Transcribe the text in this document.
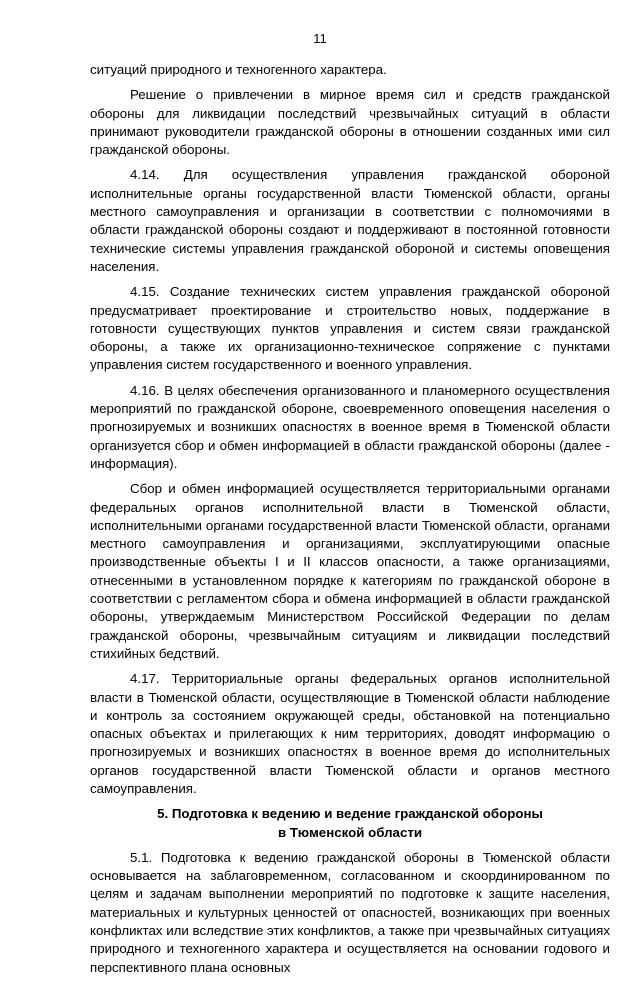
11

ситуаций природного и техногенного характера.

Решение о привлечении в мирное время сил и средств гражданской обороны для ликвидации последствий чрезвычайных ситуаций в области принимают руководители гражданской обороны в отношении созданных ими сил гражданской обороны.

4.14. Для осуществления управления гражданской обороной исполнительные органы государственной власти Тюменской области, органы местного самоуправления и организации в соответствии с полномочиями в области гражданской обороны создают и поддерживают в постоянной готовности технические системы управления гражданской обороной и системы оповещения населения.

4.15. Создание технических систем управления гражданской обороной предусматривает проектирование и строительство новых, поддержание в готовности существующих пунктов управления и систем связи гражданской обороны, а также их организационно-техническое сопряжение с пунктами управления систем государственного и военного управления.

4.16. В целях обеспечения организованного и планомерного осуществления мероприятий по гражданской обороне, своевременного оповещения населения о прогнозируемых и возникших опасностях в военное время в Тюменской области организуется сбор и обмен информацией в области гражданской обороны (далее - информация).

Сбор и обмен информацией осуществляется территориальными органами федеральных органов исполнительной власти в Тюменской области, исполнительными органами государственной власти Тюменской области, органами местного самоуправления и организациями, эксплуатирующими опасные производственные объекты I и II классов опасности, а также организациями, отнесенными в установленном порядке к категориям по гражданской обороне в соответствии с регламентом сбора и обмена информацией в области гражданской обороны, утверждаемым Министерством Российской Федерации по делам гражданской обороны, чрезвычайным ситуациям и ликвидации последствий стихийных бедствий.

4.17. Территориальные органы федеральных органов исполнительной власти в Тюменской области, осуществляющие в Тюменской области наблюдение и контроль за состоянием окружающей среды, обстановкой на потенциально опасных объектах и прилегающих к ним территориях, доводят информацию о прогнозируемых и возникших опасностях в военное время до исполнительных органов государственной власти Тюменской области и органов местного самоуправления.

5. Подготовка к ведению и ведение гражданской обороны
в Тюменской области

5.1. Подготовка к ведению гражданской обороны в Тюменской области основывается на заблаговременном, согласованном и скоординированном по целям и задачам выполнении мероприятий по подготовке к защите населения, материальных и культурных ценностей от опасностей, возникающих при военных конфликтах или вследствие этих конфликтов, а также при чрезвычайных ситуациях природного и техногенного характера и осуществляется на основании годового и перспективного плана основных
